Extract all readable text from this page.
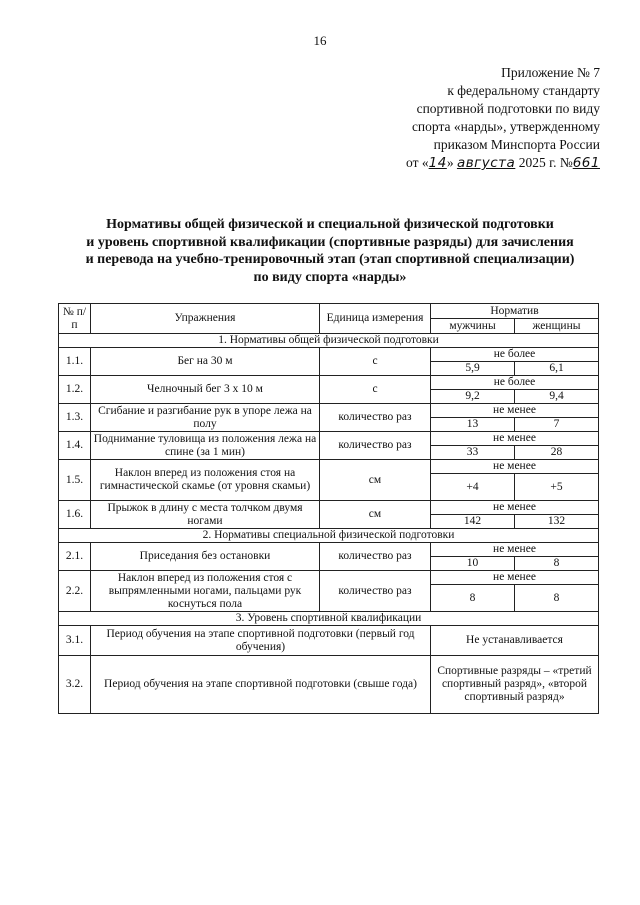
16
Приложение № 7
к федеральному стандарту
спортивной подготовки по виду
спорта «нарды», утвержденному
приказом Минспорта России
от «14» августа 2025 г. №661
Нормативы общей физической и специальной физической подготовки
и уровень спортивной квалификации (спортивные разряды) для зачисления
и перевода на учебно-тренировочный этап (этап спортивной специализации)
по виду спорта «нарды»
№ п/п	Упражнения	Единица измерения	Норматив	
			мужчины	женщины
1. Нормативы общей физической подготовки				
1.1.	Бег на 30 м	с	не более	
			5,9	6,1
1.2.	Челночный бег 3 х 10 м	с	не более	
			9,2	9,4
1.3.	Сгибание и разгибание рук в упоре лежа на полу	количество раз	не менее	
			13	7
1.4.	Поднимание туловища из положения лежа на спине (за 1 мин)	количество раз	не менее	
			33	28
1.5.	Наклон вперед из положения стоя на гимнастической скамье (от уровня скамьи)	см	не менее	
			+4	+5
1.6.	Прыжок в длину с места толчком двумя ногами	см	не менее	
			142	132
2. Нормативы специальной физической подготовки				
2.1.	Приседания без остановки	количество раз	не менее	
			10	8
2.2.	Наклон вперед из положения стоя с выпрямленными ногами, пальцами рук коснуться пола	количество раз	не менее	
			8	8
3. Уровень спортивной квалификации				
3.1.	Период обучения на этапе спортивной подготовки (первый год обучения)		Не устанавливается	
3.2.	Период обучения на этапе спортивной подготовки (свыше года)		Спортивные разряды – «третий спортивный разряд», «второй спортивный разряд»	
